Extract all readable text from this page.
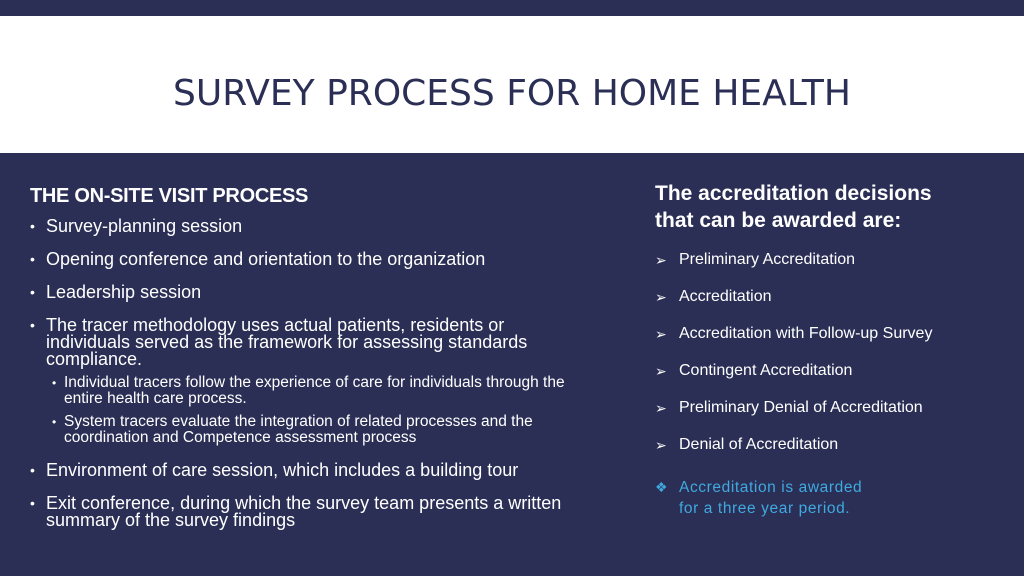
SURVEY PROCESS FOR HOME HEALTH
THE ON-SITE VISIT PROCESS
• Survey-planning session
• Opening conference and orientation to the organization
• Leadership session
• The tracer methodology uses actual patients, residents or individuals served as the framework for assessing standards compliance.
• Individual tracers follow the experience of care for individuals through the entire health care process.
• System tracers evaluate the integration of related processes and the coordination and Competence assessment process
• Environment of care session, which includes a building tour
• Exit conference, during which the survey team presents a written summary of the survey findings
The accreditation decisions
that can be awarded are:
➢ Preliminary Accreditation
➢ Accreditation
➢ Accreditation with Follow-up Survey
➢ Contingent Accreditation
➢ Preliminary Denial of Accreditation
➢ Denial of Accreditation
❖ Accreditation is awarded
for a three year period.
